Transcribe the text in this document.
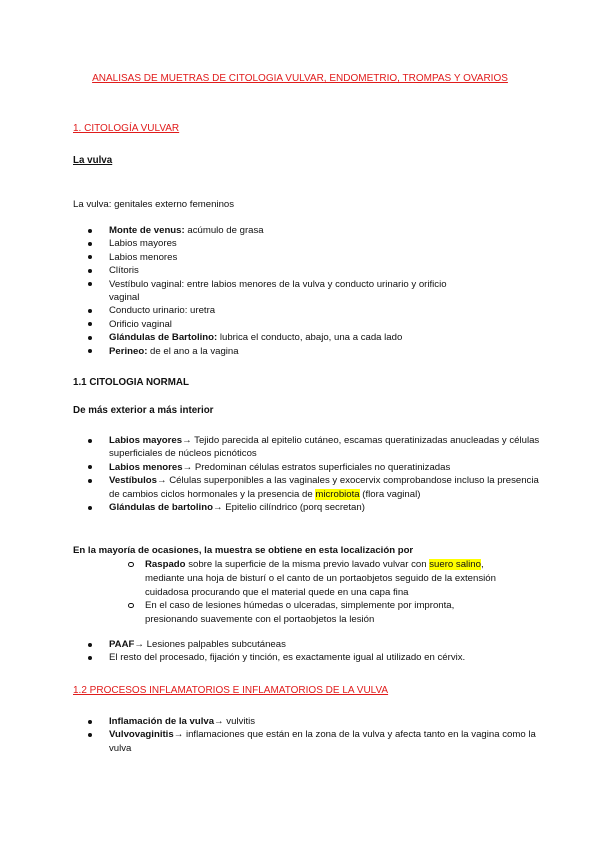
ANALISAS DE MUETRAS DE CITOLOGIA VULVAR, ENDOMETRIO, TROMPAS Y OVARIOS
1. CITOLOGÍA VULVAR
La vulva
La vulva: genitales externo femeninos
Monte de venus: acúmulo de grasa
Labios mayores
Labios menores
Clítoris
Vestíbulo vaginal: entre labios menores de la vulva y conducto urinario y orificio vaginal
Conducto urinario: uretra
Orificio vaginal
Glándulas de Bartolino: lubrica el conducto, abajo, una a cada lado
Perineo: de el ano a la vagina
1.1 CITOLOGIA NORMAL
De más exterior a más interior
Labios mayores→ Tejido parecida al epitelio cutáneo, escamas queratinizadas anucleadas y células superficiales de núcleos picnóticos
Labios menores→ Predominan células estratos superficiales no queratinizadas
Vestíbulos→ Células superponibles a las vaginales y exocervix comprobandose incluso la presencia de cambios ciclos hormonales y la presencia de microbiota (flora vaginal)
Glándulas de bartolino→ Epitelio cilíndrico (porq secretan)
En la mayoría de ocasiones, la muestra se obtiene en esta localización por
Raspado sobre la superficie de la misma previo lavado vulvar con suero salino, mediante una hoja de bisturí o el canto de un portaobjetos seguido de la extensión cuidadosa procurando que el material quede en una capa fina
En el caso de lesiones húmedas o ulceradas, simplemente por impronta, presionando suavemente con el portaobjetos la lesión
PAAF→ Lesiones palpables subcutáneas
El resto del procesado, fijación y tinción, es exactamente igual al utilizado en cérvix.
1.2 PROCESOS INFLAMATORIOS E INFLAMATORIOS DE LA VULVA
Inflamación de la vulva→ vulvitis
Vulvovaginitis→ inflamaciones que están en la zona de la vulva y afecta tanto en la vagina como la vulva
